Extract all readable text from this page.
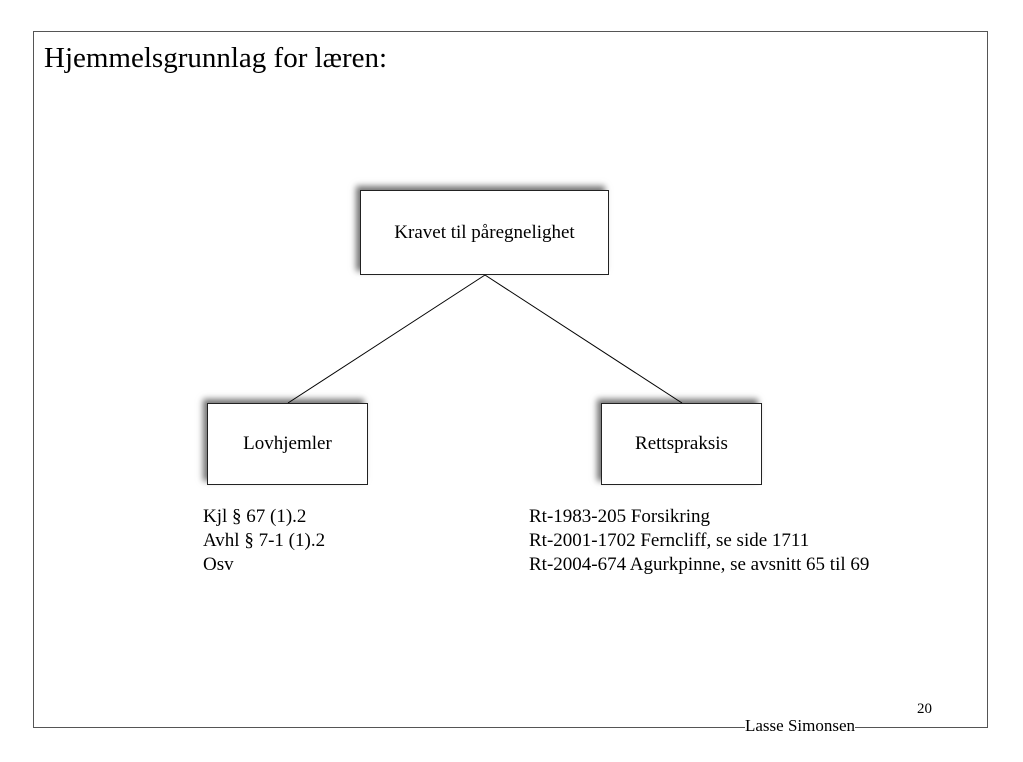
Hjemmelsgrunnlag for læren:
Kravet til påregnelighet
Lovhjemler	Rettspraksis
Kjl § 67 (1).2
Avhl § 7-1 (1).2
Osv
Rt-1983-205 Forsikring
Rt-2001-1702 Ferncliff, se side 1711
Rt-2004-674 Agurkpinne, se avsnitt 65 til 69
20
Lasse Simonsen
